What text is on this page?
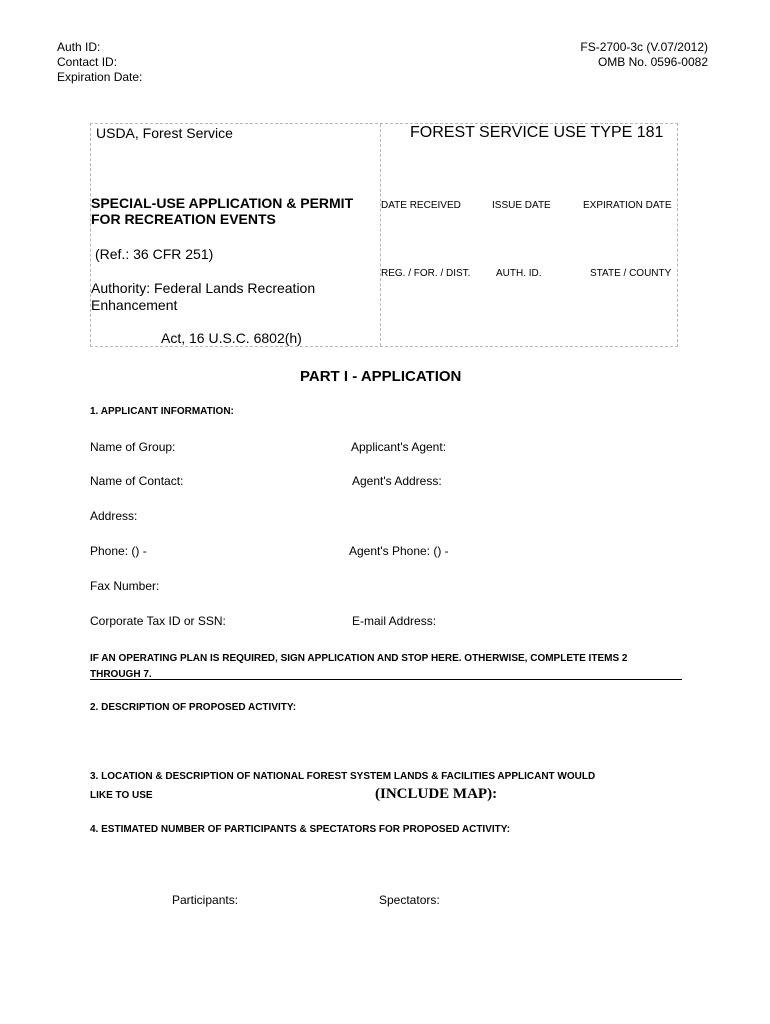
Auth ID:
Contact ID:
Expiration Date:
FS-2700-3c (V.07/2012)
OMB No. 0596-0082
USDA, Forest Service	FOREST SERVICE USE TYPE 181
SPECIAL-USE APPLICATION & PERMIT
FOR RECREATION EVENTS
(Ref.: 36 CFR 251)
Authority: Federal Lands Recreation
Enhancement
Act, 16 U.S.C. 6802(h)
DATE RECEIVED	ISSUE DATE	EXPIRATION DATE
REG. / FOR. / DIST.	AUTH. ID.	STATE / COUNTY
PART I - APPLICATION
1. APPLICANT INFORMATION:
Name of Group:	Applicant's Agent:
Name of Contact:	Agent's Address:
Address:
Phone: () -	Agent's Phone: () -
Fax Number:
Corporate Tax ID or SSN:	E-mail Address:
IF AN OPERATING PLAN IS REQUIRED, SIGN APPLICATION AND STOP HERE. OTHERWISE, COMPLETE ITEMS 2
THROUGH 7.
2. DESCRIPTION OF PROPOSED ACTIVITY:
3. LOCATION & DESCRIPTION OF NATIONAL FOREST SYSTEM LANDS & FACILITIES APPLICANT WOULD
LIKE TO USE	(INCLUDE MAP):
4. ESTIMATED NUMBER OF PARTICIPANTS & SPECTATORS FOR PROPOSED ACTIVITY:
Participants:	Spectators:
